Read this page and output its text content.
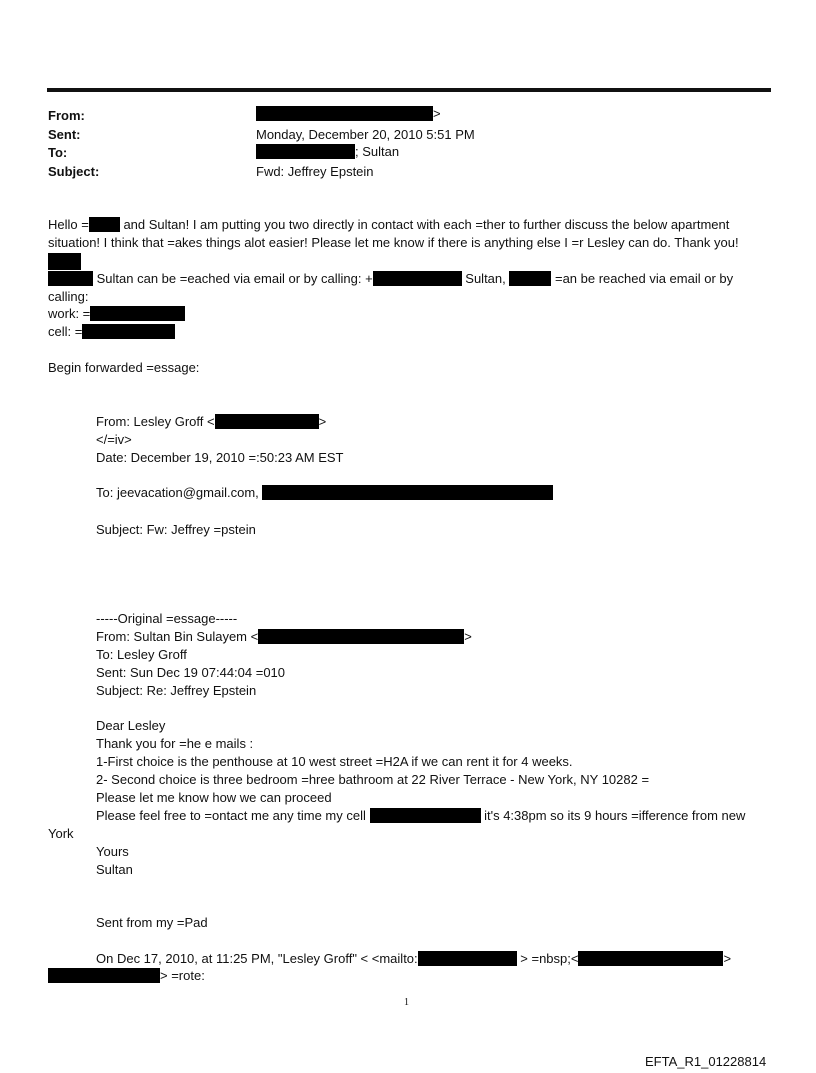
From:	>
Sent:	Monday, December 20, 2010 5:51 PM
To:	; Sultan
Subject:	Fwd: Jeffrey Epstein
Hello = and Sultan! I am putting you two directly in contact with each =ther to further discuss the below apartment
situation! I think that =akes things alot easier! Please let me know if there is anything else I =r Lesley can do. Thank you!
Sultan can be =eached via email or by calling: +	Sultan,	=an be reached via email or by
calling:
work: =
cell: =
Begin forwarded =essage:
From: Lesley Groff <	>
</=iv>
Date: December 19, 2010 =:50:23 AM EST
To: jeevacation@gmail.com,
Subject: Fw: Jeffrey =pstein
-----Original =essage-----
From: Sultan Bin Sulayem <	>
To: Lesley Groff
Sent: Sun Dec 19 07:44:04 =010
Subject: Re: Jeffrey Epstein
Dear Lesley
Thank you for =he e mails :
1-First choice is the penthouse at 10 west street =H2A if we can rent it for 4 weeks.
2- Second choice is three bedroom =hree bathroom at 22 River Terrace - New York, NY 10282 =
Please let me know how we can proceed
Please feel free to =ontact me any time my cell	it's 4:38pm so its 9 hours =ifference from new
York
Yours
Sultan
Sent from my =Pad
On Dec 17, 2010, at 11:25 PM, "Lesley Groff" < <mailto:	> =nbsp;<	>
> =rote:
1
EFTA_R1_01228814
